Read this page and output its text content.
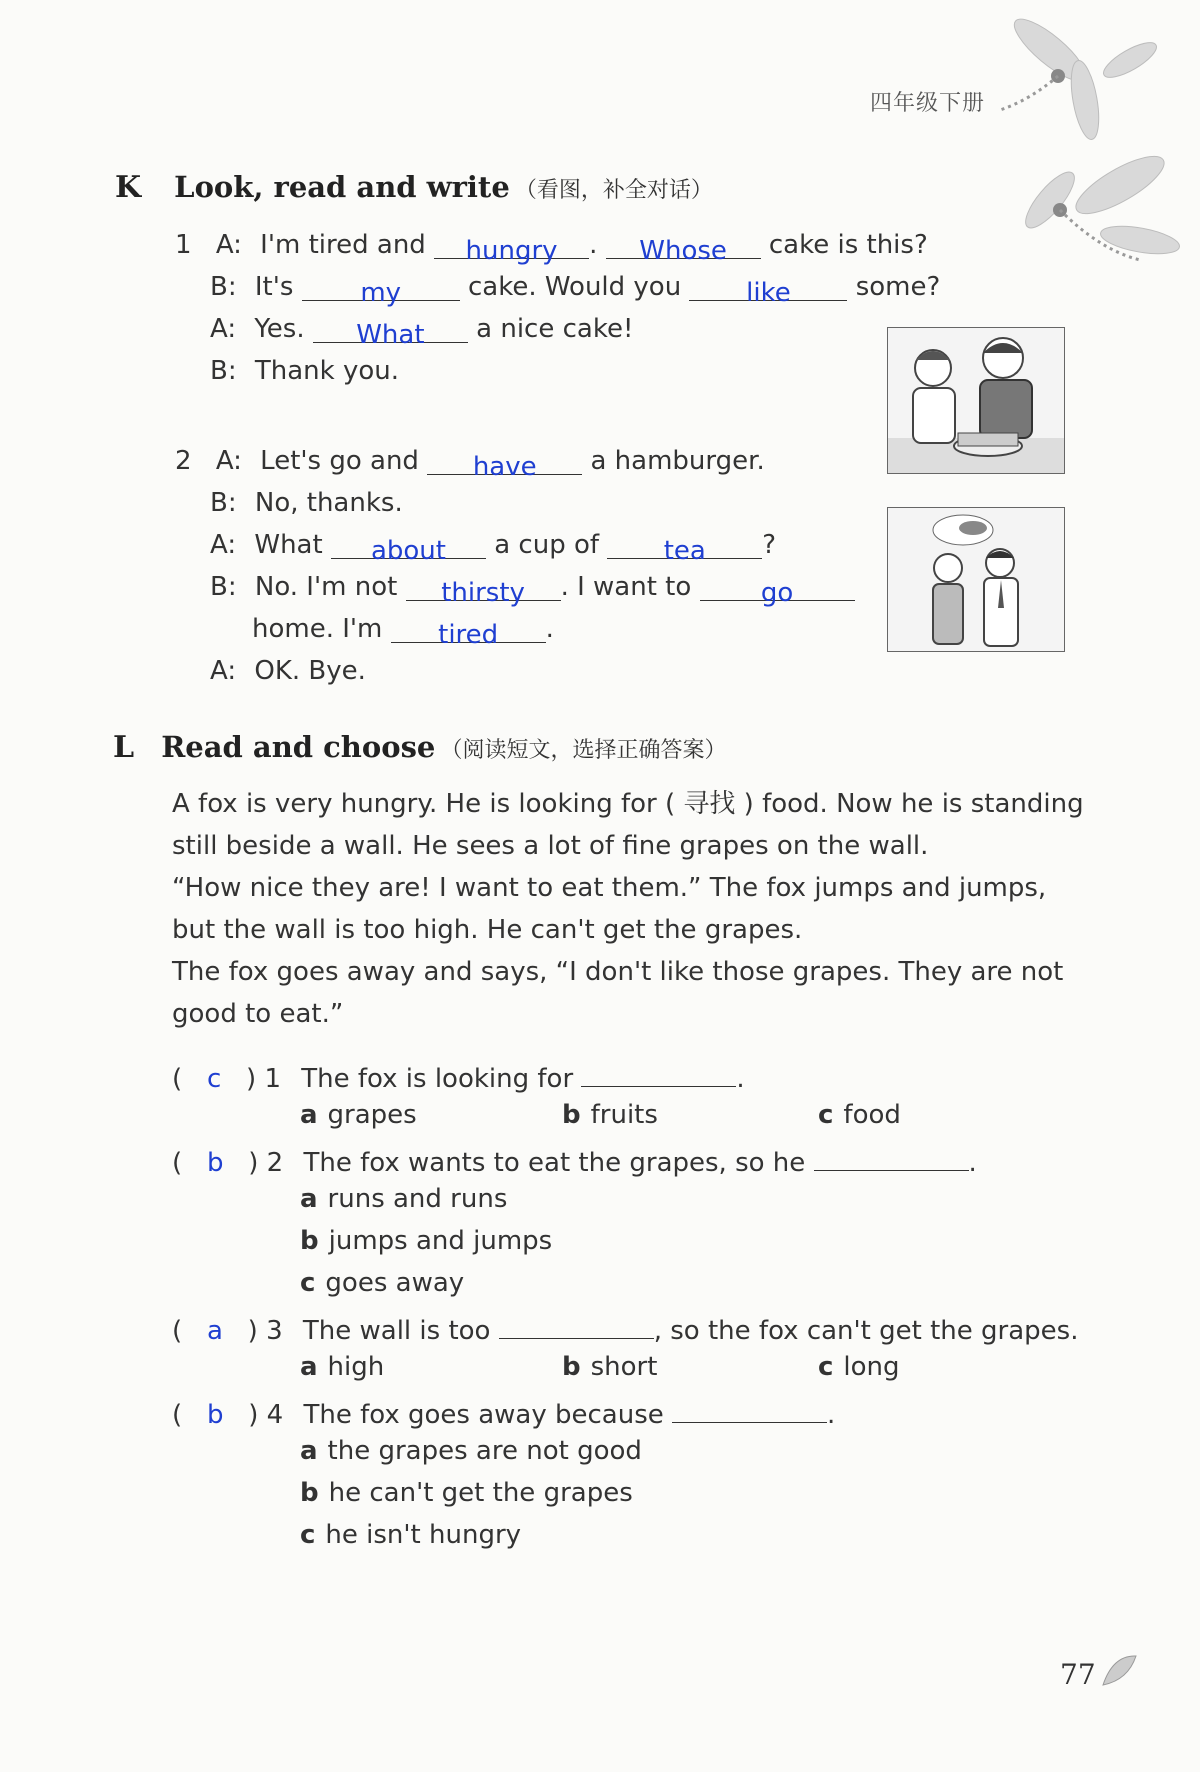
四年级下册
K Look, read and write （看图，补全对话）
1 A: I'm tired and hungry . Whose cake is this?
B: It's	my	cake. Would you like some?
A: Yes. What a nice cake!
B: Thank you.
2 A: Let's go and have a hamburger.
B: No, thanks.
A: What about a cup of tea ?
B: No. I'm not thirsty . I want to	go
home. I'm tired .
A: OK. Bye.
L Read and choose （阅读短文，选择正确答案）
A fox is very hungry. He is looking for ( 寻找 ) food. Now he is standing
still beside a wall. He sees a lot of fine grapes on the wall.
“How nice they are! I want to eat them.” The fox jumps and jumps,
but the wall is too high. He can't get the grapes.
The fox goes away and says, “I don't like those grapes. They are not
good to eat.”
(   c   ) 1 The fox is looking for	.
a grapes	b fruits	c food
(   b   ) 2 The fox wants to eat the grapes, so he	.
a runs and runs
b jumps and jumps
c goes away
(   a   ) 3 The wall is too	, so the fox can't get the grapes.
a high	b short	c long
(   b   ) 4 The fox goes away because	.
a the grapes are not good
b he can't get the grapes
c he isn't hungry
77
